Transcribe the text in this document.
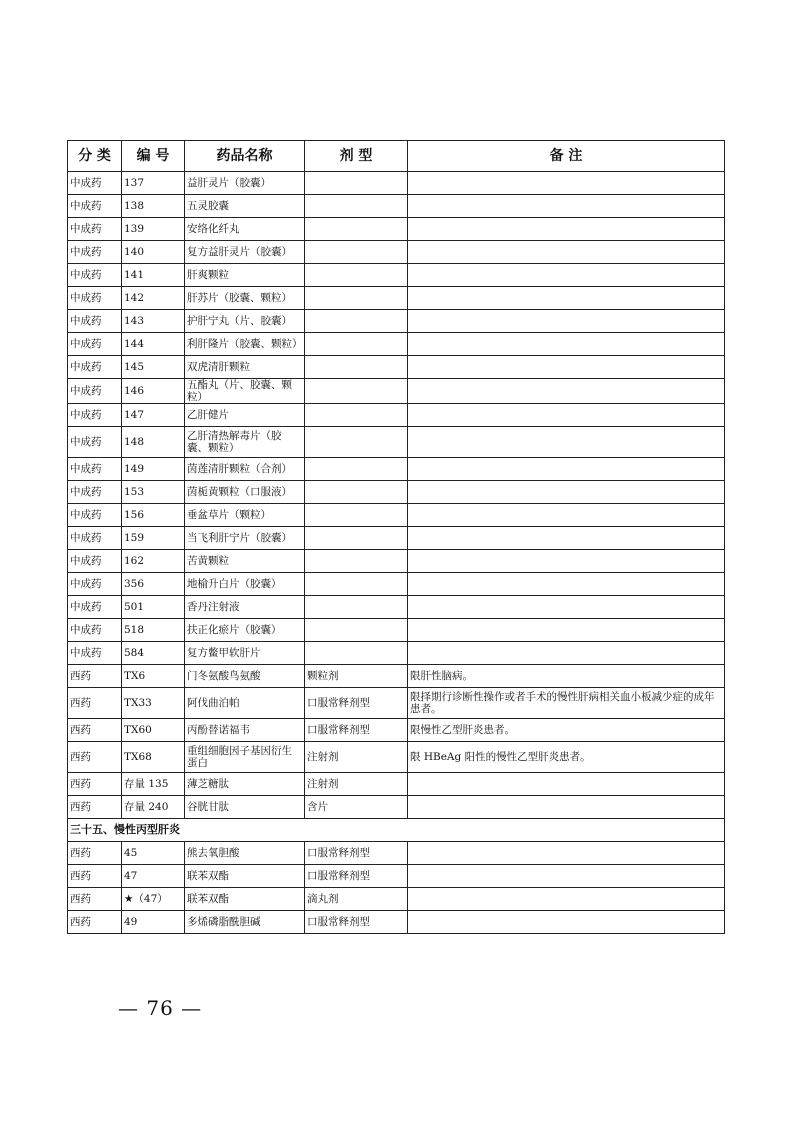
分 类	编 号	药品名称	剂 型	备 注
中成药	137	益肝灵片（胶囊）		
中成药	138	五灵胶囊		
中成药	139	安络化纤丸		
中成药	140	复方益肝灵片（胶囊）		
中成药	141	肝爽颗粒		
中成药	142	肝苏片（胶囊、颗粒）		
中成药	143	护肝宁丸（片、胶囊）		
中成药	144	利肝隆片（胶囊、颗粒）		
中成药	145	双虎清肝颗粒		
中成药	146	五酯丸（片、胶囊、颗粒）		
中成药	147	乙肝健片		
中成药	148	乙肝清热解毒片（胶囊、颗粒）		
中成药	149	茵莲清肝颗粒（合剂）		
中成药	153	茵栀黄颗粒（口服液）		
中成药	156	垂盆草片（颗粒）		
中成药	159	当飞利肝宁片（胶囊）		
中成药	162	苦黄颗粒		
中成药	356	地榆升白片（胶囊）		
中成药	501	香丹注射液		
中成药	518	扶正化瘀片（胶囊）		
中成药	584	复方鳖甲软肝片		
西药	TX6	门冬氨酸鸟氨酸	颗粒剂	限肝性脑病。
西药	TX33	阿伐曲泊帕	口服常释剂型	限择期行诊断性操作或者手术的慢性肝病相关血小板减少症的成年患者。
西药	TX60	丙酚替诺福韦	口服常释剂型	限慢性乙型肝炎患者。
西药	TX68	重组细胞因子基因衍生蛋白	注射剂	限 HBeAg 阳性的慢性乙型肝炎患者。
西药	存量 135	薄芝糖肽	注射剂	
西药	存量 240	谷胱甘肽	含片	
三十五、慢性丙型肝炎				
西药	45	熊去氧胆酸	口服常释剂型	
西药	47	联苯双酯	口服常释剂型	
西药	★（47）	联苯双酯	滴丸剂	
西药	49	多烯磷脂酰胆碱	口服常释剂型	
— 76 —
